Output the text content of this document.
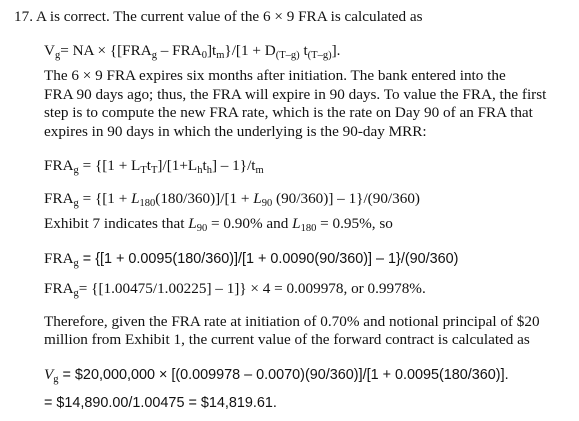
17. A is correct. The current value of the 6 × 9 FRA is calculated as
$V_g=$ NA × $\{[FRA_g - FRA_0]t_m\}/[1 + D_{(T-g)}$ $t_{(T-g)}$].
The 6 × 9 FRA expires six months after initiation. The bank entered into the
FRA 90 days ago; thus, the FRA will expire in 90 days. To value the FRA, the first
step is to compute the new FRA rate, which is the rate on Day 90 of an FRA that
expires in 90 days in which the underlying is the 90-day MRR:
$FRA_g = \{[1 + L_Tt_T]/[1+L_ht_h] - 1\}/t_m$
$FRA_g = \{[1 + L_{180}(180/360)]/[1 + L_{90}$ (90/360)] – 1}/(90/360)
Exhibit 7 indicates that $L_{90} = 0.90\%$ and $L_{180} = 0.95\%$, so
$FRA_g = \{[1 + 0.0095(180/360)]/[1 + 0.0090(90/360)] - 1\}/(90/360)$
$FRA_g= \{[1.00475/1.00225] - 1]\} \times 4 = 0.009978$, or 0.9978%.
Therefore, given the FRA rate at initiation of 0.70% and notional principal of $20
million from Exhibit 1, the current value of the forward contract is calculated as
$V_g$ = $20,000,000 × [(0.009978 – 0.0070)(90/360)]/[1 + 0.0095(180/360)].
= $14,890.00/1.00475 = $14,819.61.
